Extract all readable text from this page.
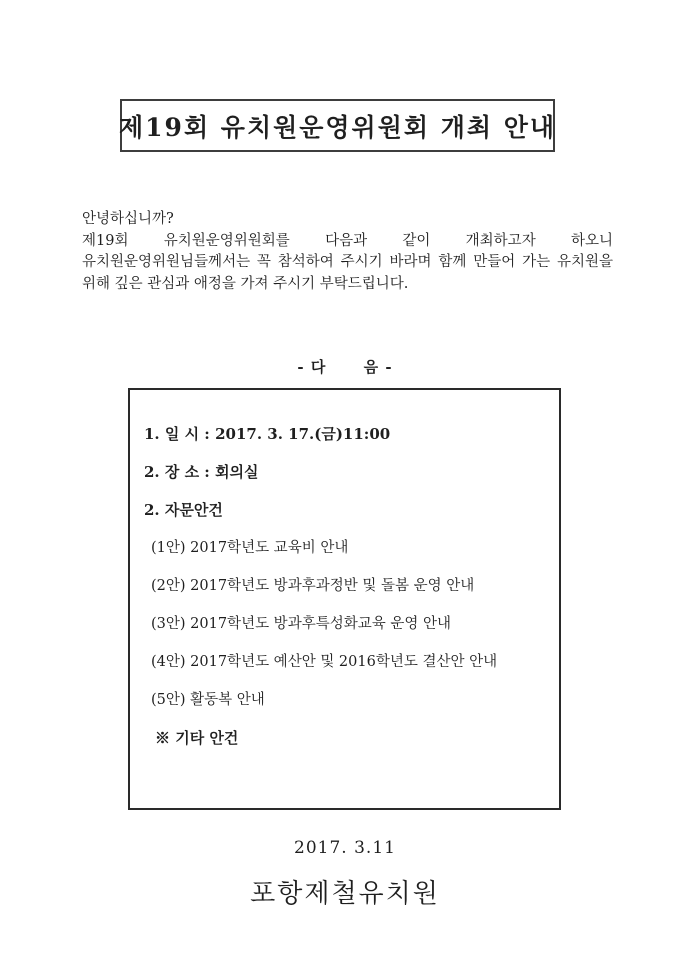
제19회 유치원운영위원회 개최 안내

안녕하십니까?

제19회 유치원운영위원회를 다음과 같이 개최하고자 하오니 유치원운영위원님들께서는 꼭 참석하여 주시기 바라며 함께 만들어 가는 유치원을 위해 깊은 관심과 애정을 가져 주시기 부탁드립니다.

- 다      음 -
1. 일 시 : 2017. 3. 17.(금)11:00
2. 장 소 : 회의실
2. 자문안건
(1안) 2017학년도 교육비 안내
(2안) 2017학년도 방과후과정반 및 돌봄 운영 안내
(3안) 2017학년도 방과후특성화교육 운영 안내
(4안) 2017학년도 예산안 및 2016학년도 결산안 안내
(5안) 활동복 안내
※ 기타 안건
2017. 3.11
포항제철유치원
